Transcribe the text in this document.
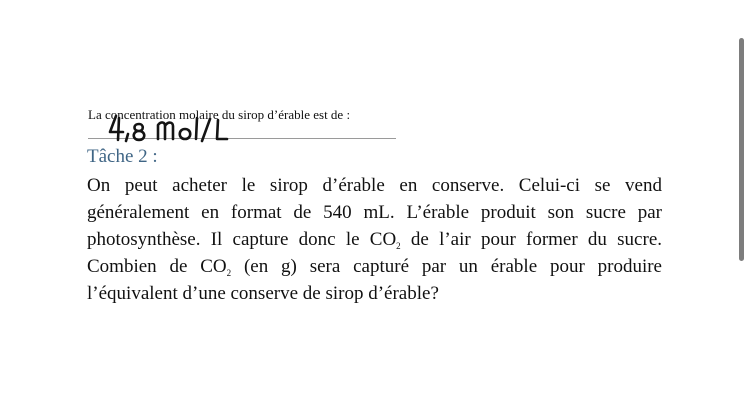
La concentration molaire du sirop d’érable est de :
Tâche 2 :
On peut acheter le sirop d’érable en conserve. Celui-ci se vend généralement en format de 540 mL. L’érable produit son sucre par photosynthèse. Il capture donc le $CO_2$ de l’air pour former du sucre. Combien de $CO_2$ (en g) sera capturé par un érable pour produire l’équivalent d’une conserve de sirop d’érable?
